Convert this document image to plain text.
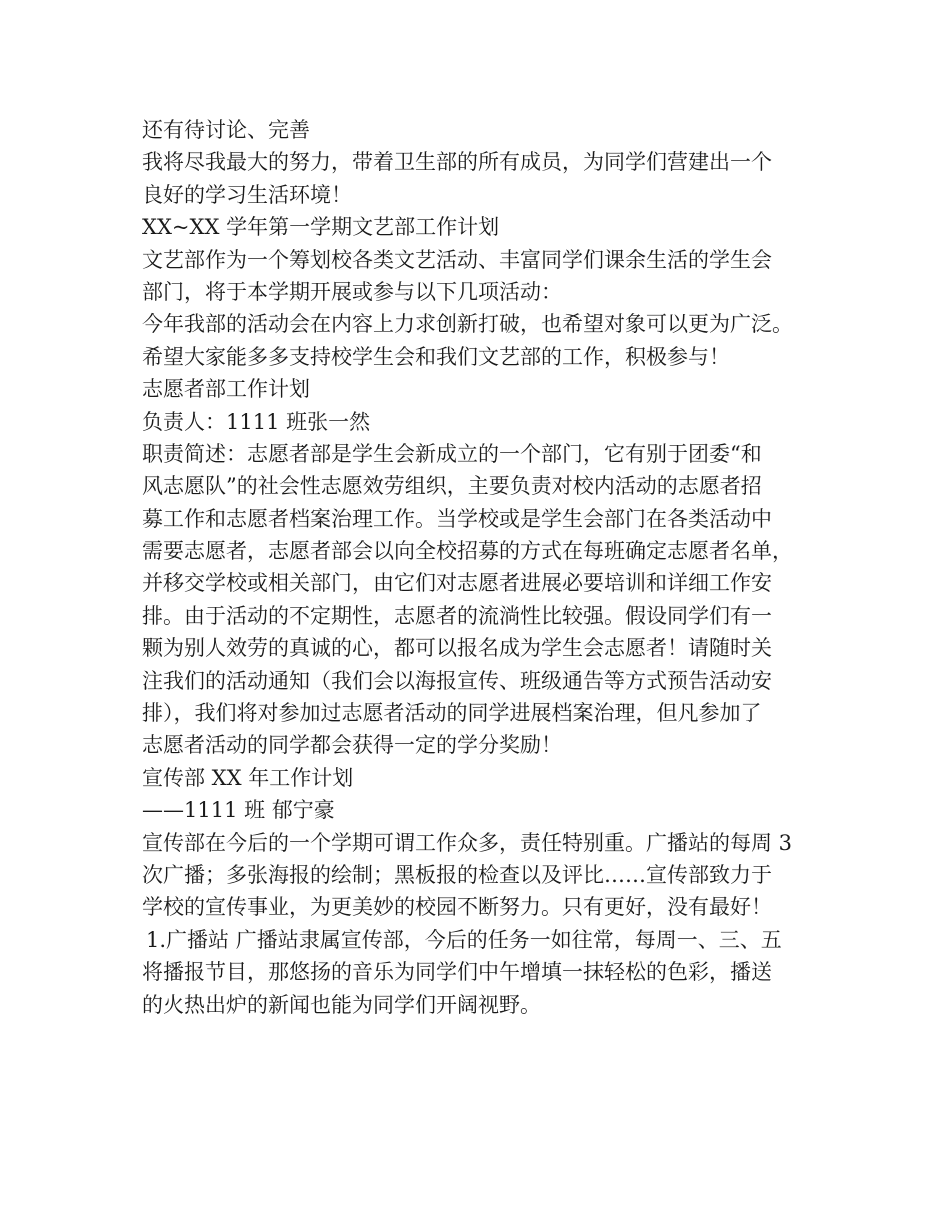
还有待讨论、完善
我将尽我最大的努力，带着卫生部的所有成员，为同学们营建出一个
良好的学习生活环境！
XX~XX 学年第一学期文艺部工作计划
文艺部作为一个筹划校各类文艺活动、丰富同学们课余生活的学生会
部门，将于本学期开展或参与以下几项活动：
今年我部的活动会在内容上力求创新打破，也希望对象可以更为广泛。
希望大家能多多支持校学生会和我们文艺部的工作，积极参与！
志愿者部工作计划
负责人：1111 班张一然
职责简述：志愿者部是学生会新成立的一个部门，它有别于团委“和
风志愿队”的社会性志愿效劳组织，主要负责对校内活动的志愿者招
募工作和志愿者档案治理工作。当学校或是学生会部门在各类活动中
需要志愿者，志愿者部会以向全校招募的方式在每班确定志愿者名单，
并移交学校或相关部门，由它们对志愿者进展必要培训和详细工作安
排。由于活动的不定期性，志愿者的流淌性比较强。假设同学们有一
颗为别人效劳的真诚的心，都可以报名成为学生会志愿者！请随时关
注我们的活动通知（我们会以海报宣传、班级通告等方式预告活动安
排），我们将对参加过志愿者活动的同学进展档案治理，但凡参加了
志愿者活动的同学都会获得一定的学分奖励！
宣传部 XX 年工作计划
——1111 班 郁宁豪
宣传部在今后的一个学期可谓工作众多，责任特别重。广播站的每周 3
次广播；多张海报的绘制；黑板报的检查以及评比……宣传部致力于
学校的宣传事业，为更美妙的校园不断努力。只有更好，没有最好！
1.广播站 广播站隶属宣传部，今后的任务一如往常，每周一、三、五
将播报节目，那悠扬的音乐为同学们中午增填一抹轻松的色彩，播送
的火热出炉的新闻也能为同学们开阔视野。
